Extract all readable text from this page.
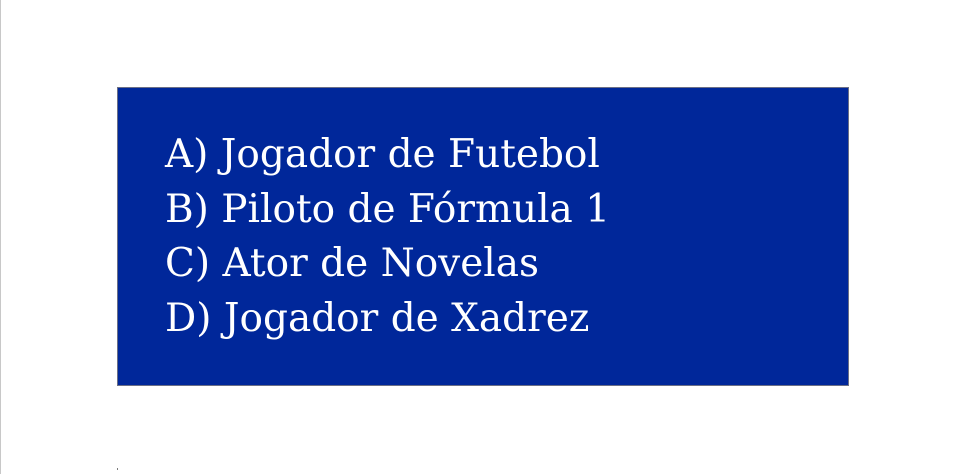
A) Jogador de Futebol
B) Piloto de Fórmula 1
C) Ator de Novelas
D) Jogador de Xadrez
